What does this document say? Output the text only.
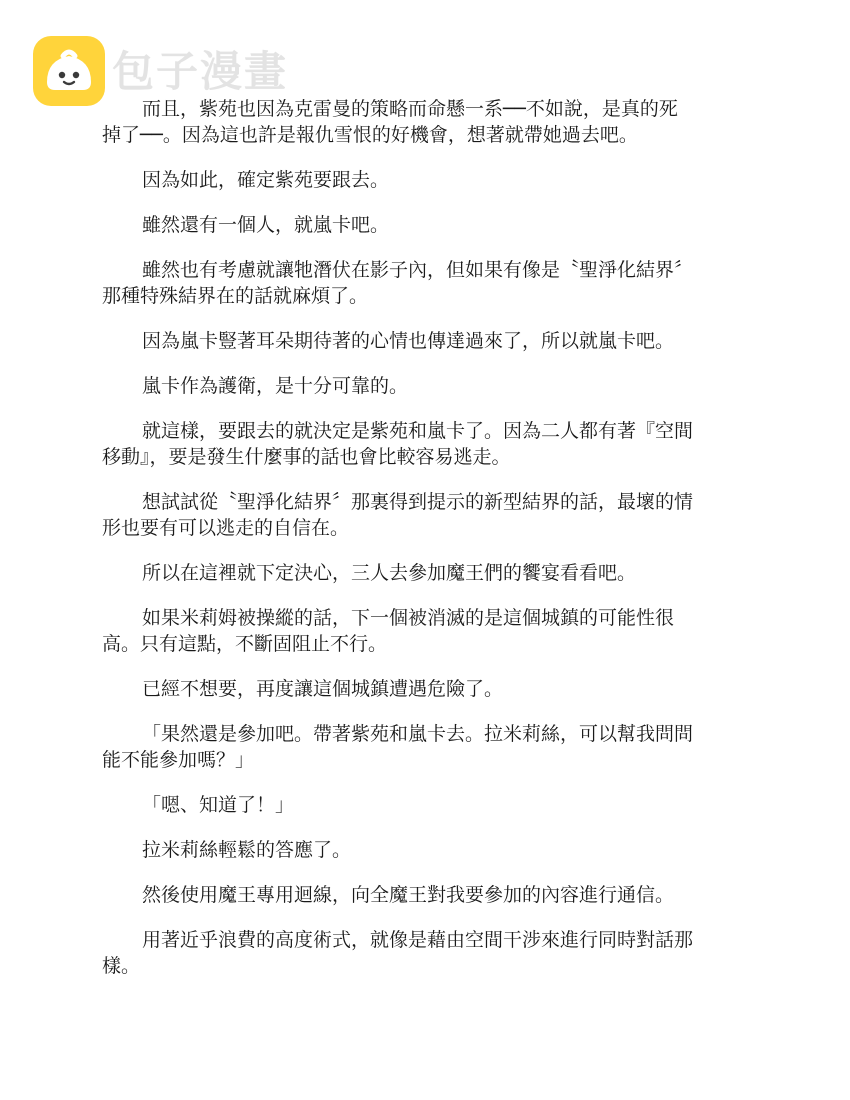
包子漫畫

而且，紫苑也因為克雷曼的策略而命懸一系──不如說，是真的死
掉了──。因為這也許是報仇雪恨的好機會，想著就帶她過去吧。

因為如此，確定紫苑要跟去。

雖然還有一個人，就嵐卡吧。

雖然也有考慮就讓牠潛伏在影子內，但如果有像是〝聖淨化結界〞
那種特殊結界在的話就麻煩了。

因為嵐卡豎著耳朵期待著的心情也傳達過來了，所以就嵐卡吧。

嵐卡作為護衛，是十分可靠的。

就這樣，要跟去的就決定是紫苑和嵐卡了。因為二人都有著『空間
移動』，要是發生什麼事的話也會比較容易逃走。

想試試從〝聖淨化結界〞那裏得到提示的新型結界的話，最壞的情
形也要有可以逃走的自信在。

所以在這裡就下定決心，三人去參加魔王們的饗宴看看吧。

如果米莉姆被操縱的話，下一個被消滅的是這個城鎮的可能性很
高。只有這點，不斷固阻止不行。

已經不想要，再度讓這個城鎮遭遇危險了。

「果然還是參加吧。帶著紫苑和嵐卡去。拉米莉絲，可以幫我問問
能不能參加嗎？」

「嗯、知道了！」

拉米莉絲輕鬆的答應了。

然後使用魔王專用迴線，向全魔王對我要參加的內容進行通信。

用著近乎浪費的高度術式，就像是藉由空間干涉來進行同時對話那
樣。
